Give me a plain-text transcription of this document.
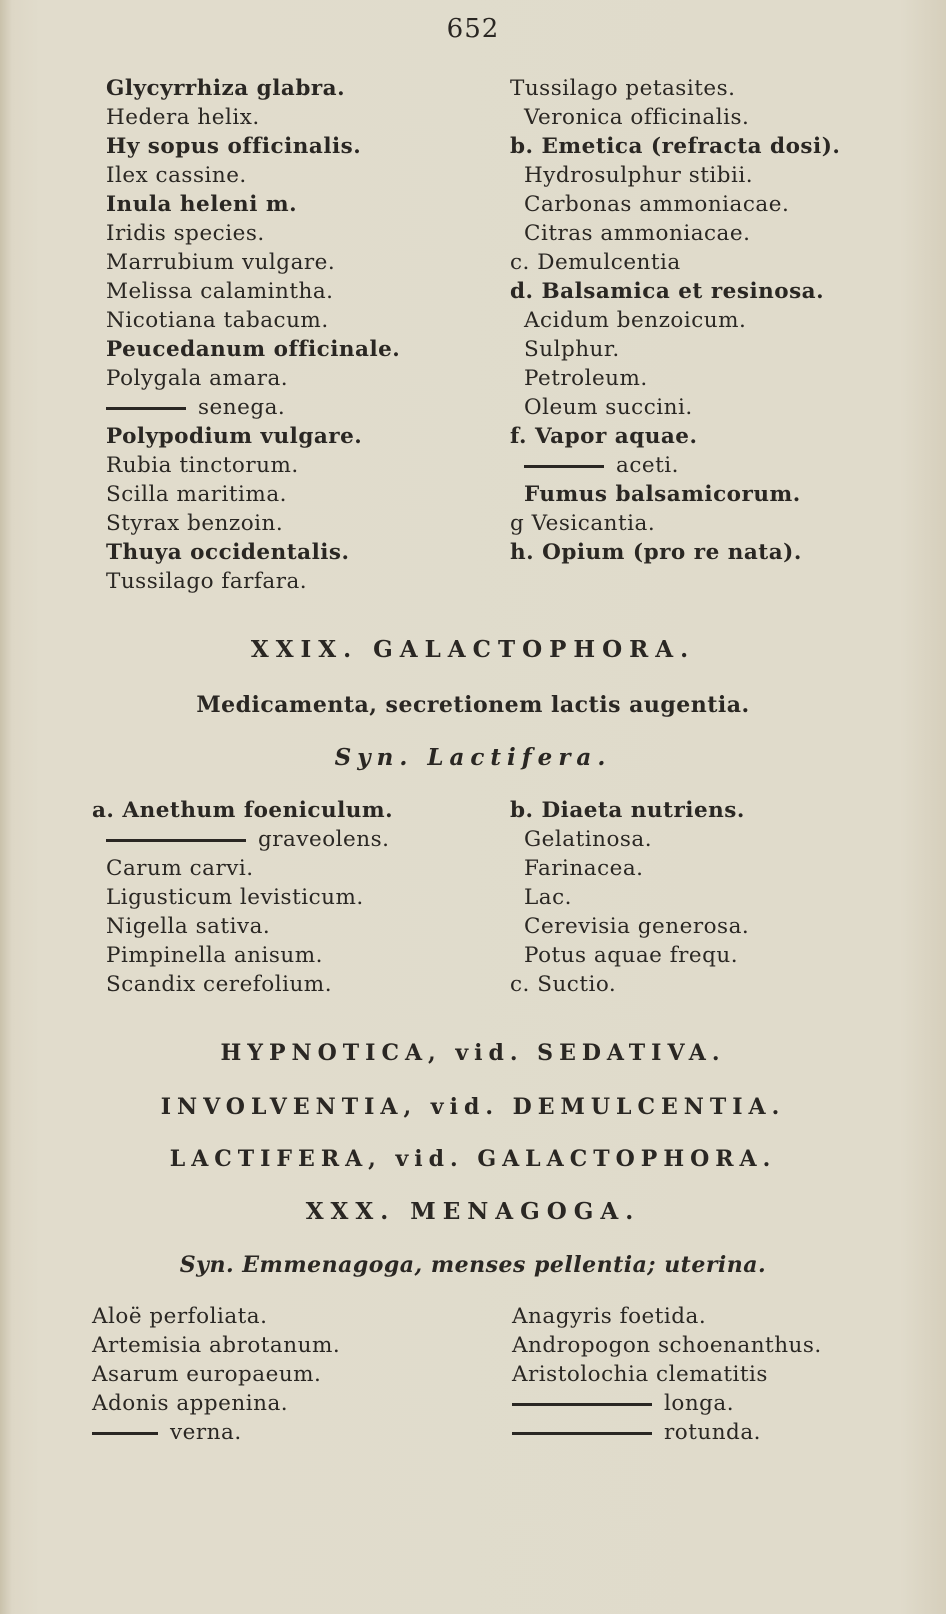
652
Glycyrrhiza glabra.
Hedera helix.
Hy sopus officinalis.
Ilex cassine.
Inula heleni m.
Iridis species.
Marrubium vulgare.
Melissa calamintha.
Nicotiana tabacum.
Peucedanum officinale.
Polygala amara.
senega.
Polypodium vulgare.
Rubia tinctorum.
Scilla maritima.
Styrax benzoin.
Thuya occidentalis.
Tussilago farfara.
Tussilago petasites.
Veronica officinalis.
b. Emetica (refracta dosi).
Hydrosulphur stibii.
Carbonas ammoniacae.
Citras ammoniacae.
c. Demulcentia
d. Balsamica et resinosa.
Acidum benzoicum.
Sulphur.
Petroleum.
Oleum succini.
f. Vapor aquae.
aceti.
Fumus balsamicorum.
g Vesicantia.
h. Opium (pro re nata).
XXIX. GALACTOPHORA.
Medicamenta, secretionem lactis augentia.
Syn. Lactifera.
a. Anethum foeniculum.
graveolens.
Carum carvi.
Ligusticum levisticum.
Nigella sativa.
Pimpinella anisum.
Scandix cerefolium.
b. Diaeta nutriens.
Gelatinosa.
Farinacea.
Lac.
Cerevisia generosa.
Potus aquae frequ.
c. Suctio.
HYPNOTICA, vid. SEDATIVA.
INVOLVENTIA, vid. DEMULCENTIA.
LACTIFERA, vid. GALACTOPHORA.
XXX. MENAGOGA.
Syn. Emmenagoga, menses pellentia; uterina.
Aloë perfoliata.
Artemisia abrotanum.
Asarum europaeum.
Adonis appenina.
verna.
Anagyris foetida.
Andropogon schoenanthus.
Aristolochia clematitis
longa.
rotunda.
